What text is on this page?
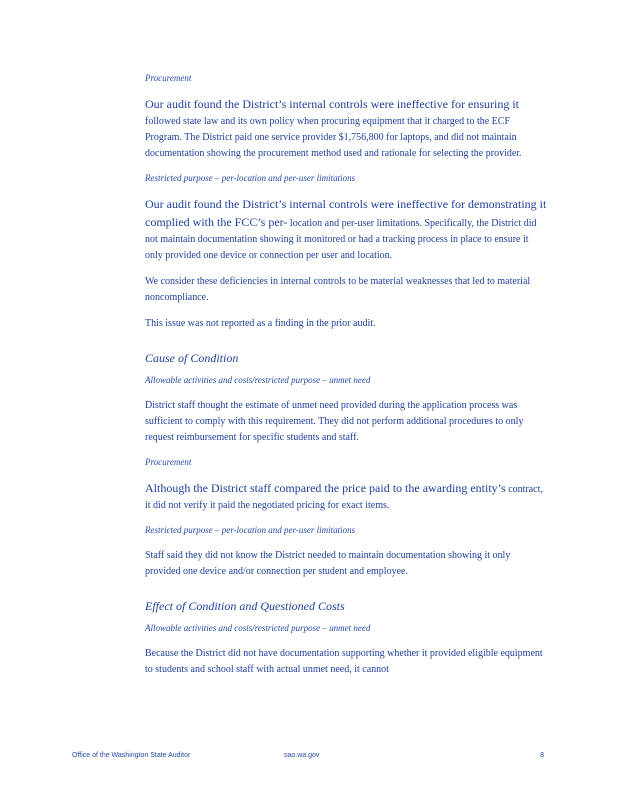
Procurement
Our audit found the District’s internal controls were ineffective for ensuring it followed state law and its own policy when procuring equipment that it charged to the ECF Program. The District paid one service provider $1,756,800 for laptops, and did not maintain documentation showing the procurement method used and rationale for selecting the provider.
Restricted purpose – per-location and per-user limitations
Our audit found the District’s internal controls were ineffective for demonstrating it complied with the FCC’s per- location and per-user limitations. Specifically, the District did not maintain documentation showing it monitored or had a tracking process in place to ensure it only provided one device or connection per user and location.
We consider these deficiencies in internal controls to be material weaknesses that led to material noncompliance.
This issue was not reported as a finding in the prior audit.
Cause of Condition
Allowable activities and costs/restricted purpose – unmet need
District staff thought the estimate of unmet need provided during the application process was sufficient to comply with this requirement. They did not perform additional procedures to only request reimbursement for specific students and staff.
Procurement
Although the District staff compared the price paid to the awarding entity’s contract, it did not verify it paid the negotiated pricing for exact items.
Restricted purpose – per-location and per-user limitations
Staff said they did not know the District needed to maintain documentation showing it only provided one device and/or connection per student and employee.
Effect of Condition and Questioned Costs
Allowable activities and costs/restricted purpose – unmet need
Because the District did not have documentation supporting whether it provided eligible equipment to students and school staff with actual unmet need, it cannot
Office of the Washington State Auditor	sao.wa.gov	8
